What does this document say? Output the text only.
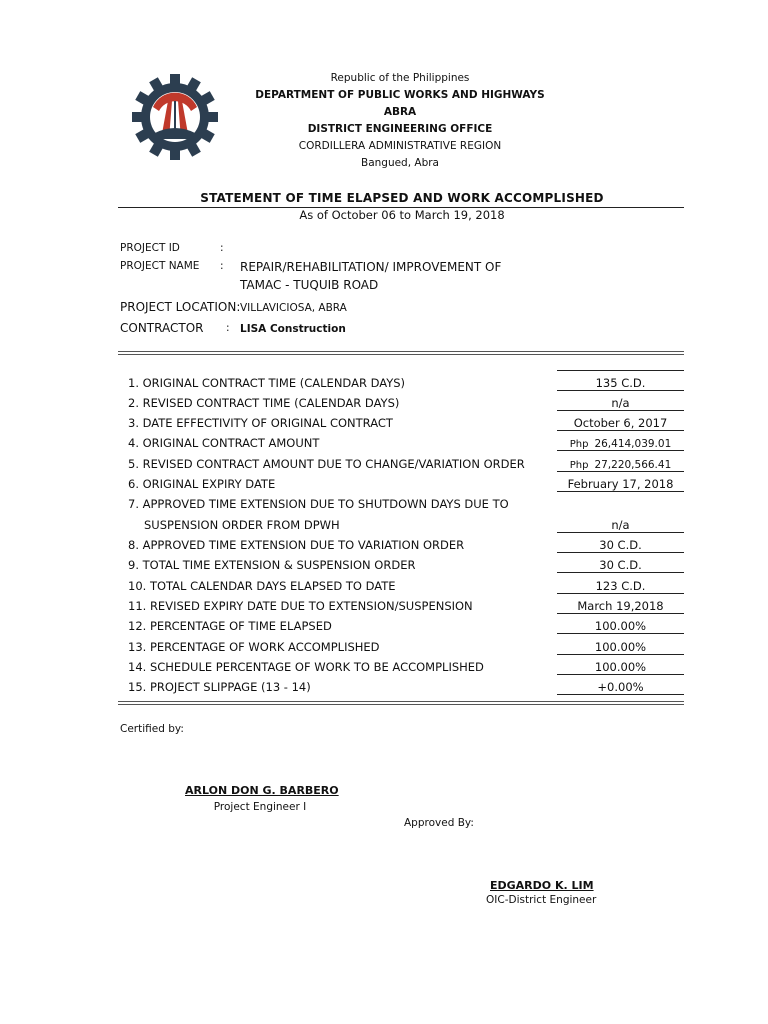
Republic of the Philippines
DEPARTMENT OF PUBLIC WORKS AND HIGHWAYS
ABRA
DISTRICT ENGINEERING OFFICE
CORDILLERA ADMINISTRATIVE REGION
Bangued, Abra
STATEMENT OF TIME ELAPSED AND WORK ACCOMPLISHED
As of October 06 to March 19, 2018
PROJECT ID	:
PROJECT NAME : REPAIR/REHABILITATION/ IMPROVEMENT OF
TAMAC - TUQUIB ROAD
PROJECT LOCATION: VILLAVICIOSA, ABRA
CONTRACTOR : LISA Construction
1. ORIGINAL CONTRACT TIME (CALENDAR DAYS)	135 C.D.
2. REVISED CONTRACT TIME (CALENDAR DAYS)	n/a
3. DATE EFFECTIVITY OF ORIGINAL CONTRACT	October 6, 2017
4. ORIGINAL CONTRACT AMOUNT	Php 26,414,039.01
5. REVISED CONTRACT AMOUNT DUE TO CHANGE/VARIATION ORDER	Php 27,220,566.41
6. ORIGINAL EXPIRY DATE	February 17, 2018
7. APPROVED TIME EXTENSION DUE TO SHUTDOWN DAYS DUE TO
SUSPENSION ORDER FROM DPWH	n/a
8. APPROVED TIME EXTENSION DUE TO VARIATION ORDER	30 C.D.
9. TOTAL TIME EXTENSION & SUSPENSION ORDER	30 C.D.
10. TOTAL CALENDAR DAYS ELAPSED TO DATE	123 C.D.
11. REVISED EXPIRY DATE DUE TO EXTENSION/SUSPENSION	March 19,2018
12. PERCENTAGE OF TIME ELAPSED	100.00%
13. PERCENTAGE OF WORK ACCOMPLISHED	100.00%
14. SCHEDULE PERCENTAGE OF WORK TO BE ACCOMPLISHED	100.00%
15. PROJECT SLIPPAGE (13 - 14)	+0.00%
Certified by:
ARLON DON G. BARBERO
Project Engineer I
Approved By:
EDGARDO K. LIM
OIC-District Engineer
